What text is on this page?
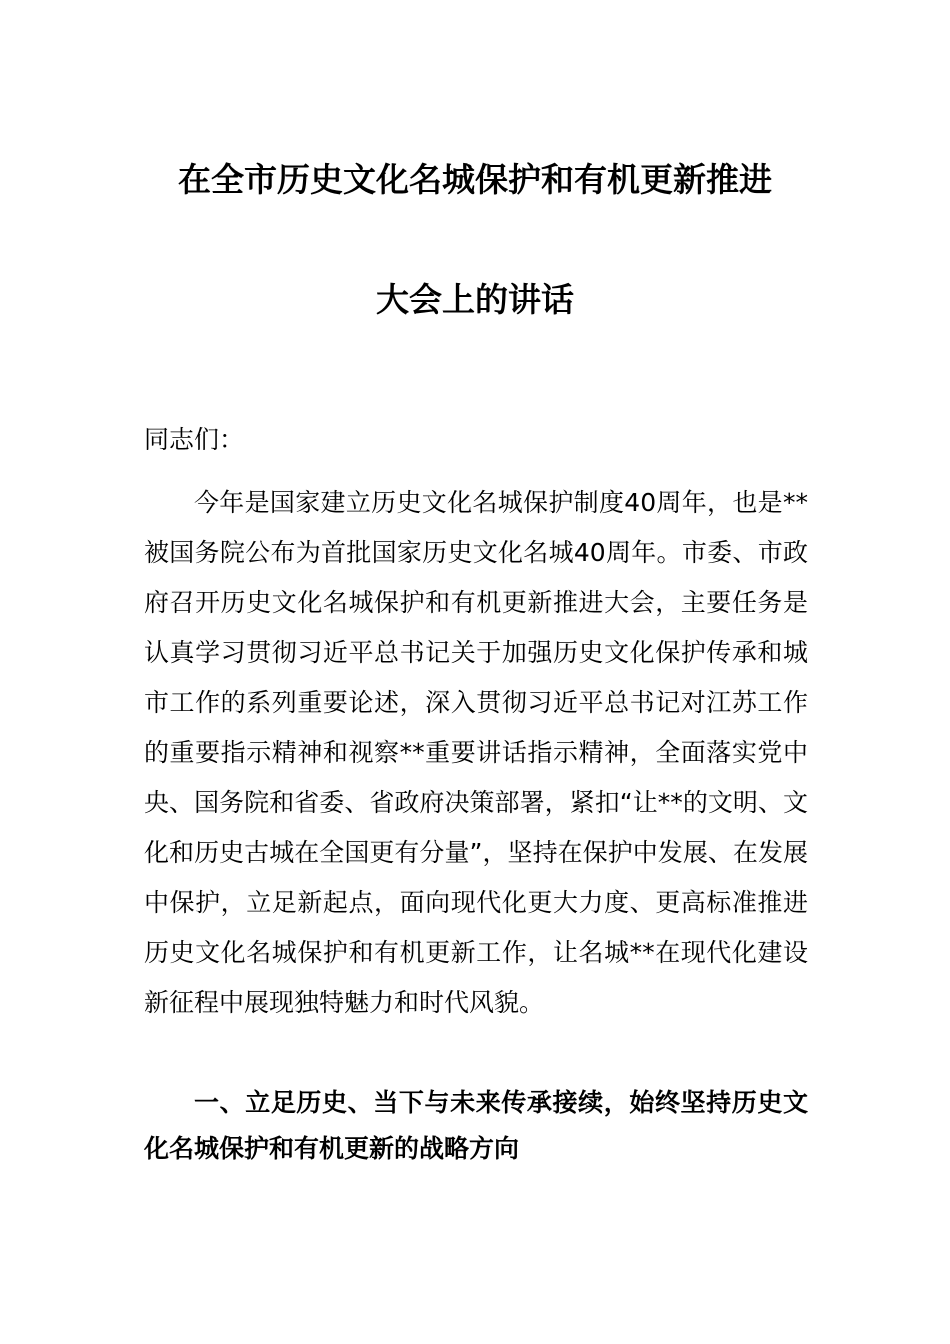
在全市历史文化名城保护和有机更新推进
大会上的讲话

同志们：

今年是国家建立历史文化名城保护制度40周年，也是**被国务院公布为首批国家历史文化名城40周年。市委、市政府召开历史文化名城保护和有机更新推进大会，主要任务是认真学习贯彻习近平总书记关于加强历史文化保护传承和城市工作的系列重要论述，深入贯彻习近平总书记对江苏工作的重要指示精神和视察**重要讲话指示精神，全面落实党中央、国务院和省委、省政府决策部署，紧扣“让**的文明、文化和历史古城在全国更有分量”，坚持在保护中发展、在发展中保护，立足新起点，面向现代化更大力度、更高标准推进历史文化名城保护和有机更新工作，让名城**在现代化建设新征程中展现独特魅力和时代风貌。

一、立足历史、当下与未来传承接续，始终坚持历史文化名城保护和有机更新的战略方向
